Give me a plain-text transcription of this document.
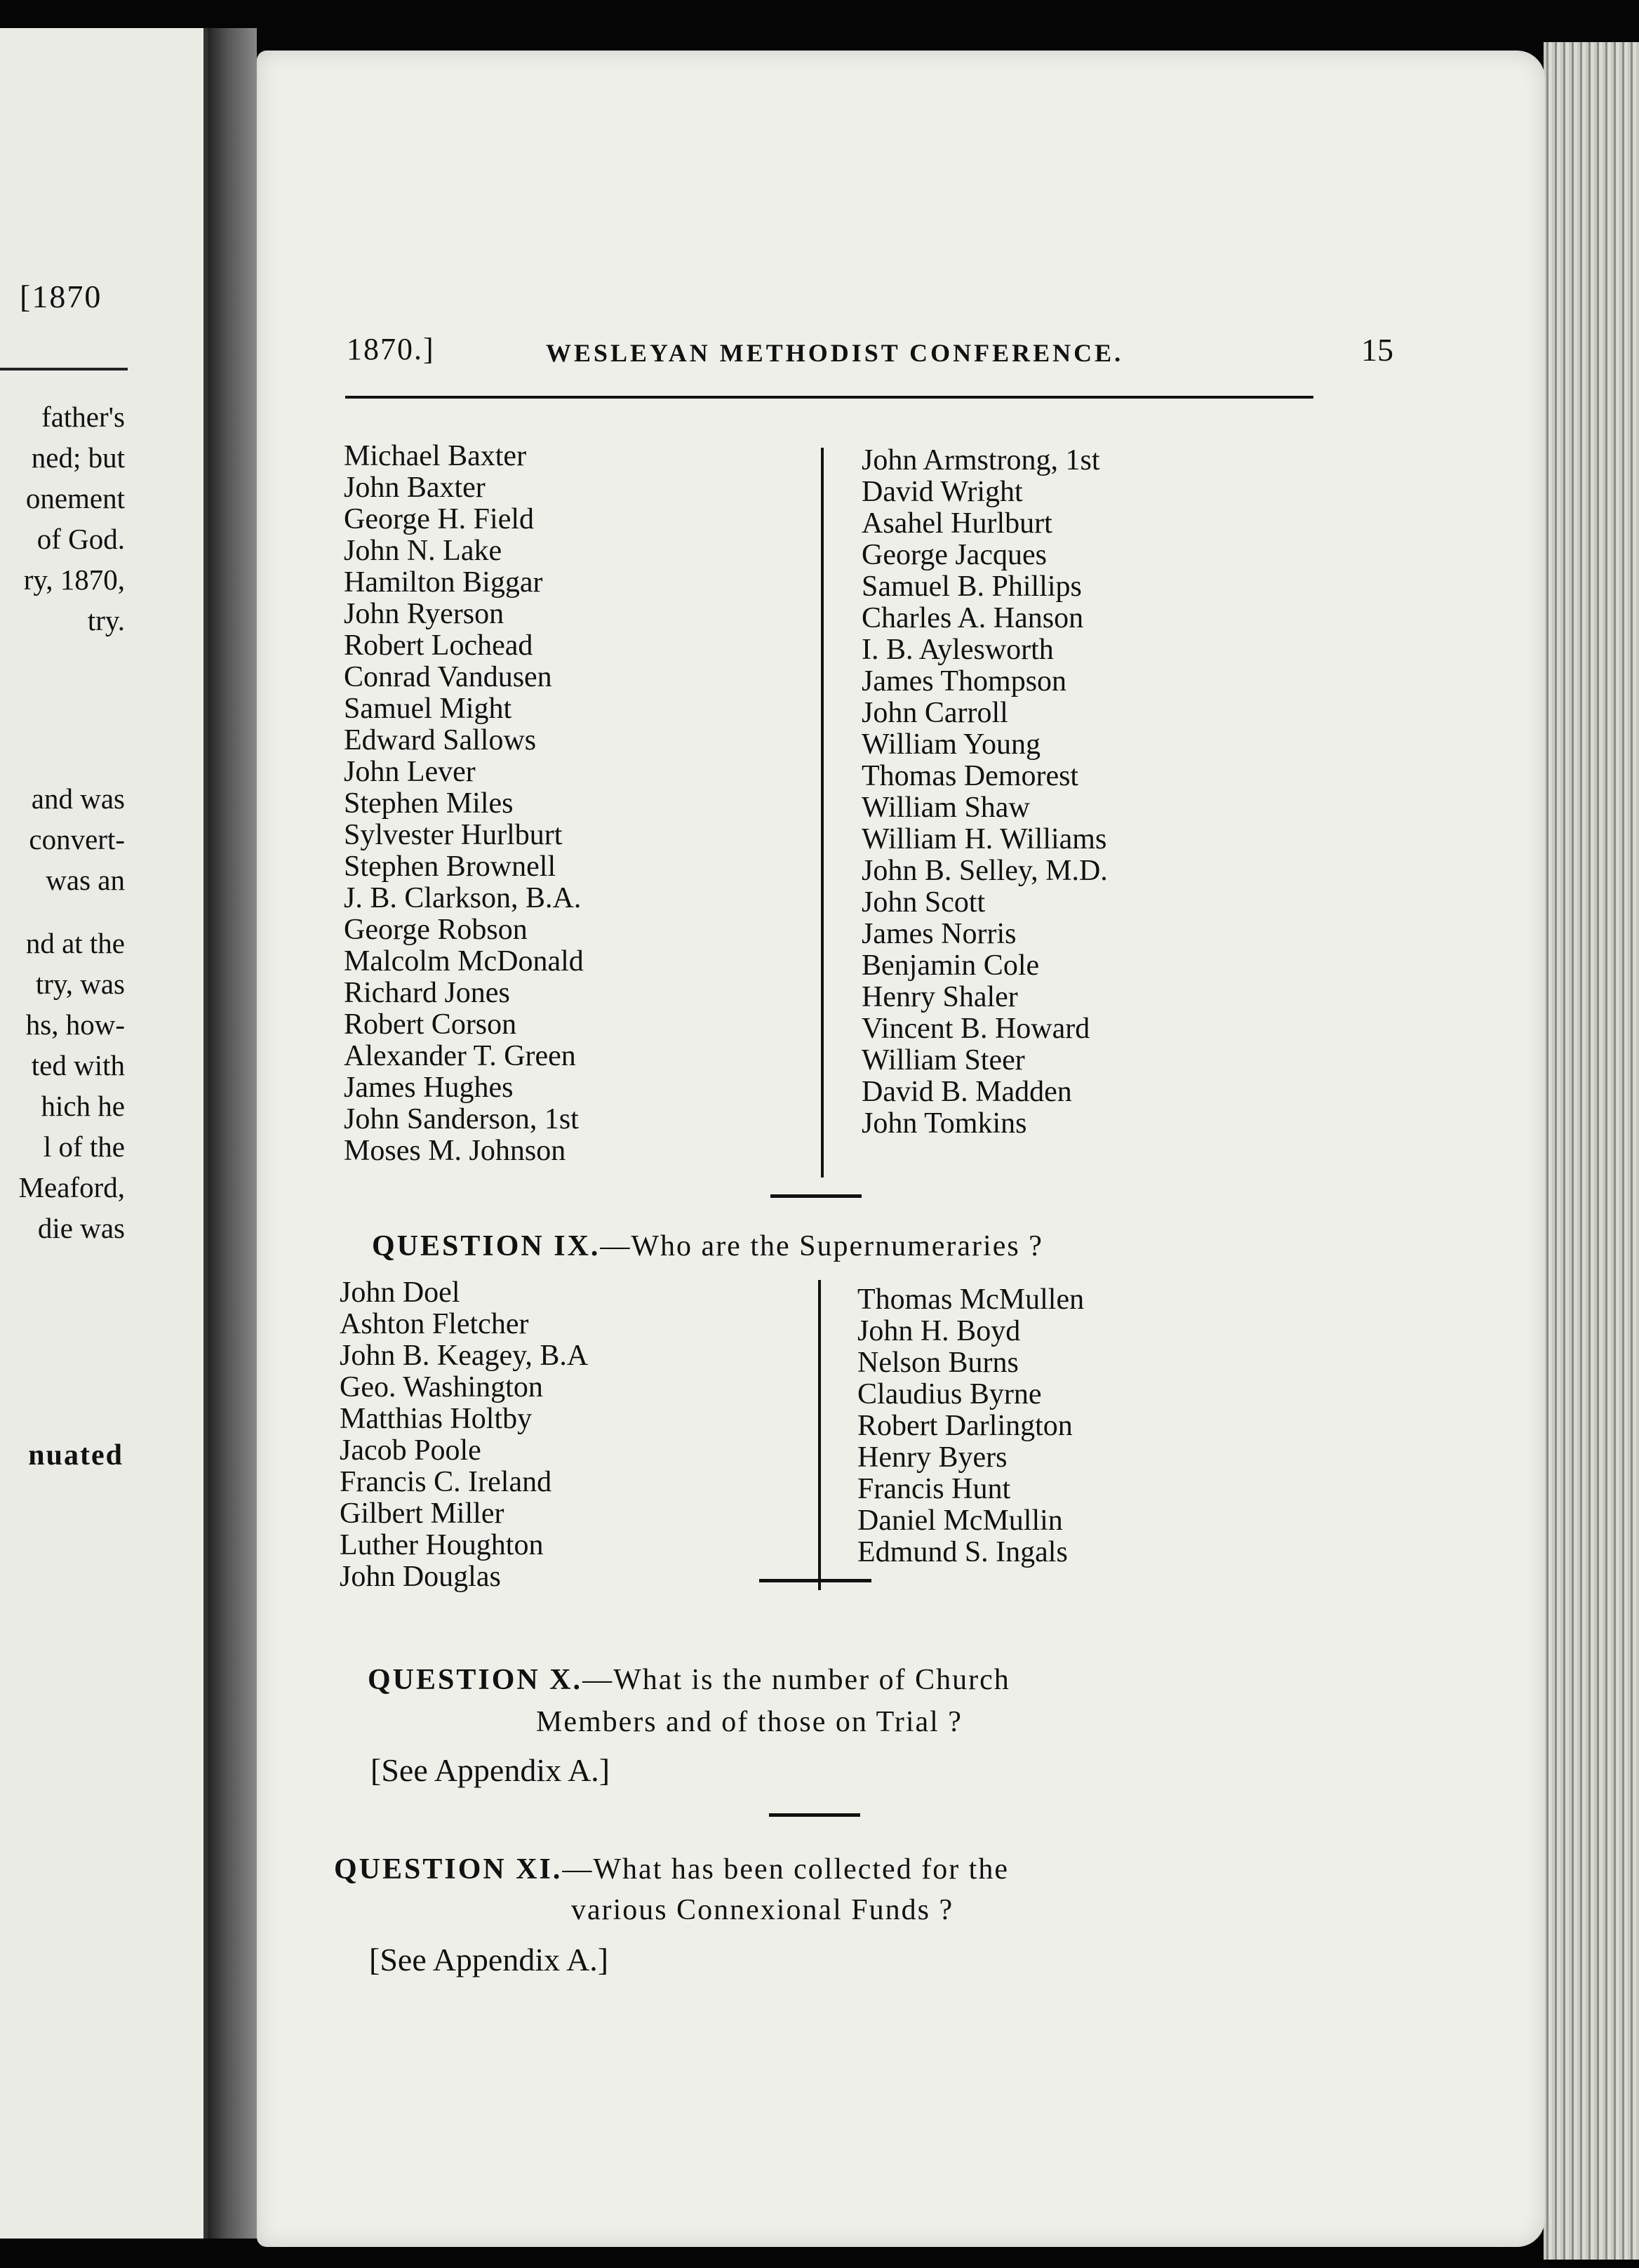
[1870
father's
ned; but
onement
of God.
ry, 1870,
try.
and was
convert-
was an
nd at the
try, was
hs, how-
ted with
hich he
l of the
Meaford,
die was
nuated
1870.]	WESLEYAN METHODIST CONFERENCE.	15
Michael Baxter
John Baxter
George H. Field
John N. Lake
Hamilton Biggar
John Ryerson
Robert Lochead
Conrad Vandusen
Samuel Might
Edward Sallows
John Lever
Stephen Miles
Sylvester Hurlburt
Stephen Brownell
J. B. Clarkson, B.A.
George Robson
Malcolm McDonald
Richard Jones
Robert Corson
Alexander T. Green
James Hughes
John Sanderson, 1st
Moses M. Johnson
John Armstrong, 1st
David Wright
Asahel Hurlburt
George Jacques
Samuel B. Phillips
Charles A. Hanson
I. B. Aylesworth
James Thompson
John Carroll
William Young
Thomas Demorest
William Shaw
William H. Williams
John B. Selley, M.D.
John Scott
James Norris
Benjamin Cole
Henry Shaler
Vincent B. Howard
William Steer
David B. Madden
John Tomkins
QUESTION IX.—Who are the Supernumeraries ?
John Doel
Ashton Fletcher
John B. Keagey, B.A
Geo. Washington
Matthias Holtby
Jacob Poole
Francis C. Ireland
Gilbert Miller
Luther Houghton
John Douglas
Thomas McMullen
John H. Boyd
Nelson Burns
Claudius Byrne
Robert Darlington
Henry Byers
Francis Hunt
Daniel McMullin
Edmund S. Ingals
QUESTION X.—What is the number of Church
Members and of those on Trial ?
[See Appendix A.]
QUESTION XI.—What has been collected for the
various Connexional Funds ?
[See Appendix A.]
